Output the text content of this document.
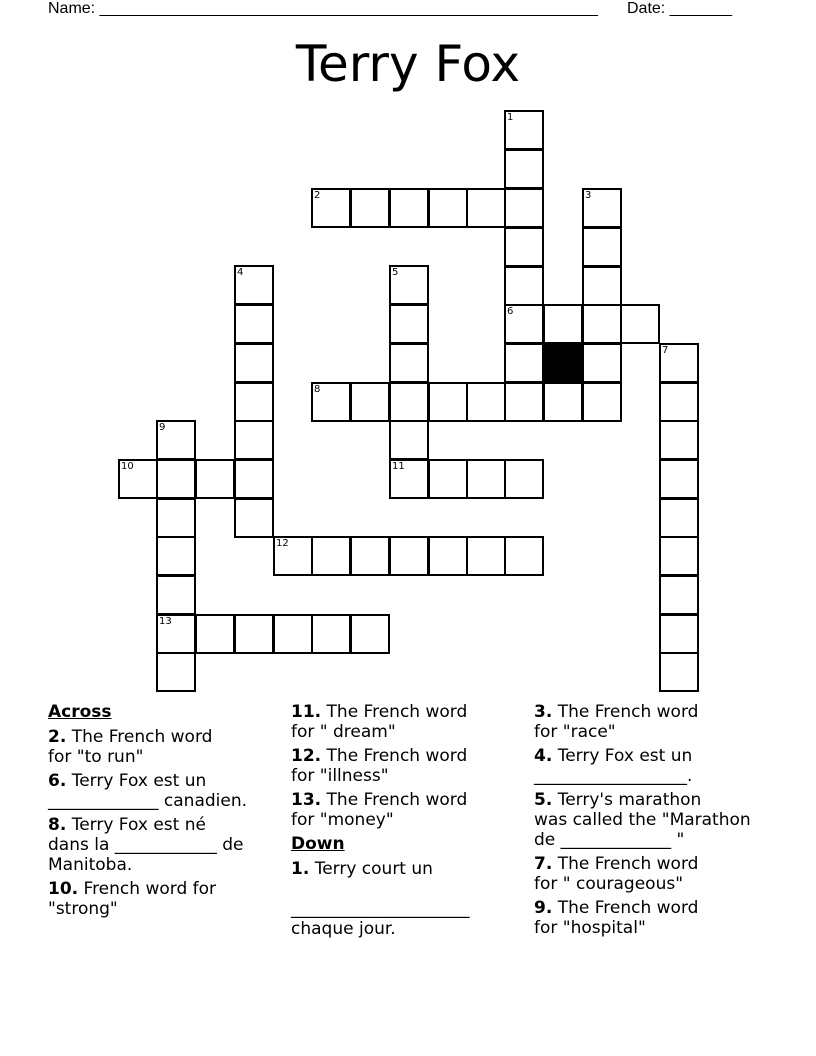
Name: ________________________________________________________ Date: _______
Terry Fox
1
2	3
6
7
4	5
8
9
10	11
12
13
Across
2. The French word
for "to run"
6. Terry Fox est un
_____________ canadien.
8. Terry Fox est né
dans la ____________ de
Manitoba.
10. French word for
"strong"
11. The French word
for " dream"
12. The French word
for "illness"
13. The French word
for "money"
Down
1. Terry court un

_____________________
chaque jour.
3. The French word
for "race"
4. Terry Fox est un
__________________.
5. Terry's marathon
was called the "Marathon
de _____________ "
7. The French word
for " courageous"
9. The French word
for "hospital"
